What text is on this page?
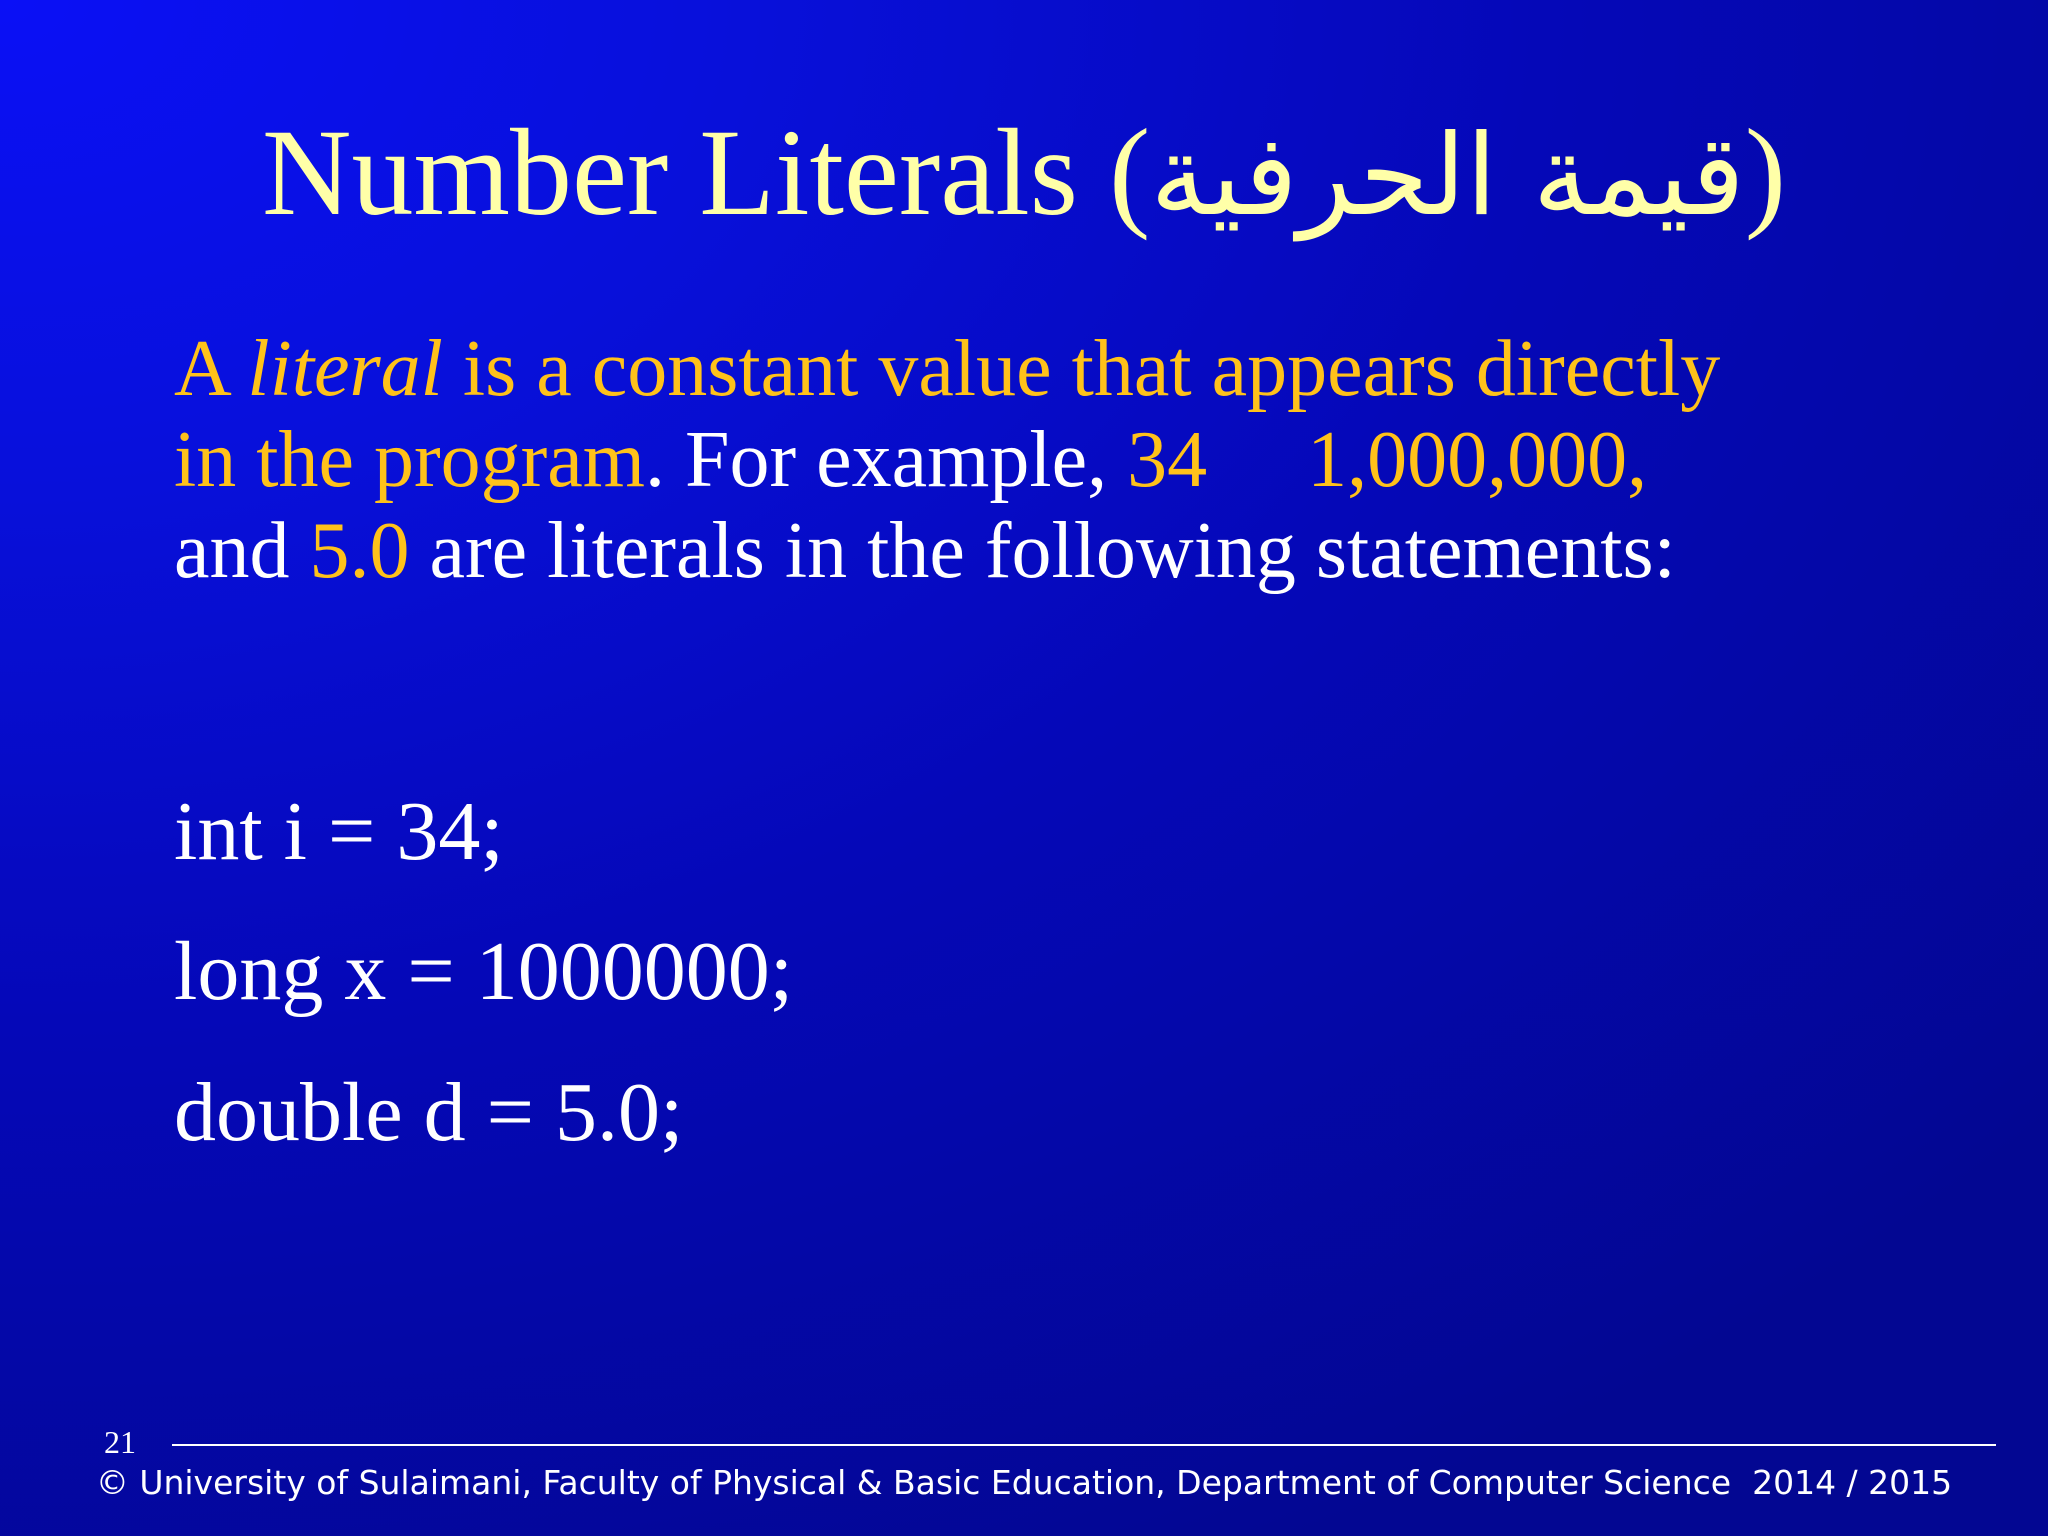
Number Literals (قيمة الحرفية)

A literal is a constant value that appears directly
in the program. For example, 34 1,000,000,
and 5.0 are literals in the following statements:

int i = 34;
long x = 1000000;
double d = 5.0;
21
© University of Sulaimani, Faculty of Physical & Basic Education, Department of Computer Science  2014 / 2015
